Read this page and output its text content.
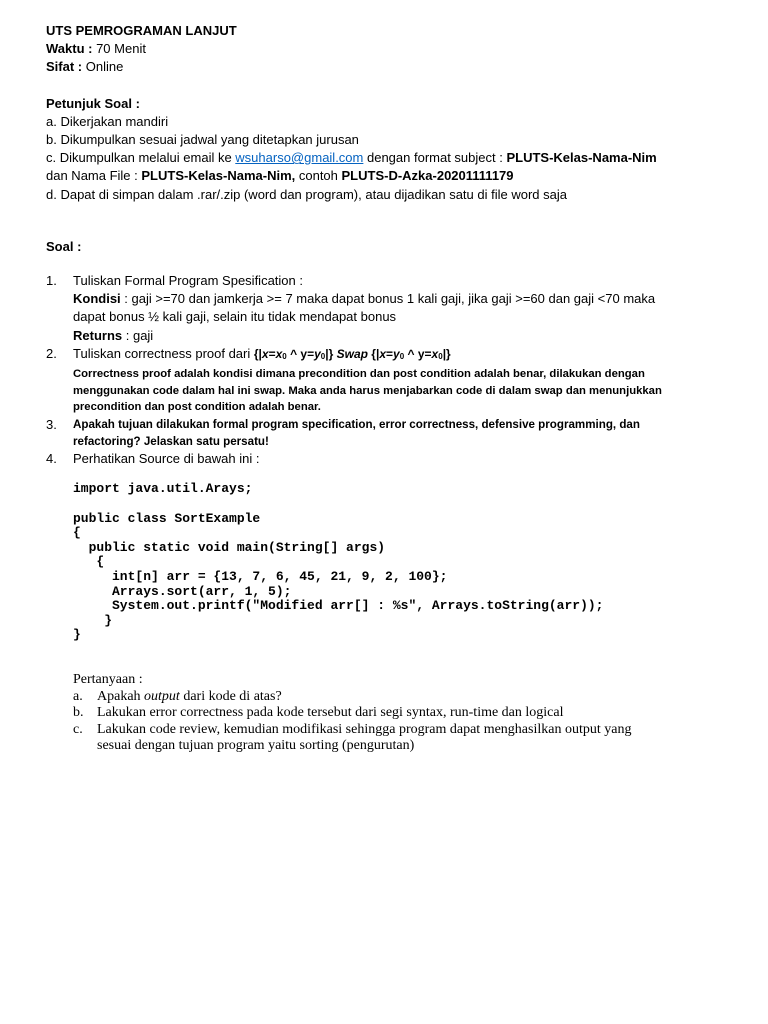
UTS PEMROGRAMAN LANJUT
Waktu : 70 Menit
Sifat : Online
Petunjuk Soal :
a. Dikerjakan mandiri
b. Dikumpulkan sesuai jadwal yang ditetapkan jurusan
c. Dikumpulkan melalui email ke wsuharso@gmail.com dengan format subject : PLUTS-Kelas-Nama-Nim
dan Nama File : PLUTS-Kelas-Nama-Nim, contoh PLUTS-D-Azka-20201111179
d. Dapat di simpan dalam .rar/.zip (word dan program), atau dijadikan satu di file word saja
Soal :
1. Tuliskan Formal Program Spesification :
Kondisi : gaji >=70 dan jamkerja >= 7 maka dapat bonus 1 kali gaji, jika gaji >=60 dan gaji <70 maka
dapat bonus ½ kali gaji, selain itu tidak mendapat bonus
Returns : gaji
2. Tuliskan correctness proof dari {|x=x0 ^ y=y0|} Swap {|x=y0 ^ y=x0|}
Correctness proof adalah kondisi dimana precondition dan post condition adalah benar, dilakukan dengan
menggunakan code dalam hal ini swap. Maka anda harus menjabarkan code di dalam swap dan menunjukkan
precondition dan post condition adalah benar.
3. Apakah tujuan dilakukan formal program specification, error correctness, defensive programming, dan
refactoring? Jelaskan satu persatu!
4. Perhatikan Source di bawah ini :

import java.util.Arays;

public class SortExample
{
public static void main(String[] args)
{
int[n] arr = {13, 7, 6, 45, 21, 9, 2, 100};
Arrays.sort(arr, 1, 5);
System.out.printf("Modified arr[] : %s", Arrays.toString(arr));
}
}

Pertanyaan :
a. Apakah output dari kode di atas?
b. Lakukan error correctness pada kode tersebut dari segi syntax, run-time dan logical
c. Lakukan code review, kemudian modifikasi sehingga program dapat menghasilkan output yang
sesuai dengan tujuan program yaitu sorting (pengurutan)
